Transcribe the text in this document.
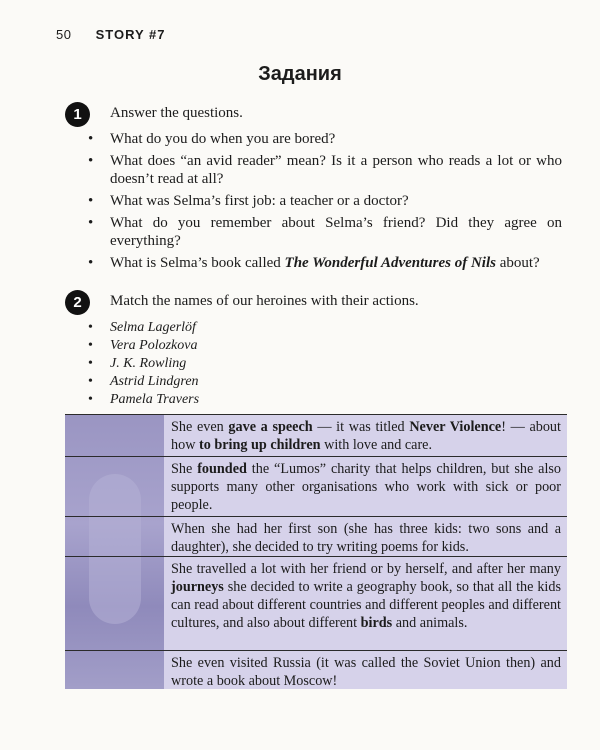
50 STORY #7
Задания
1	Answer the questions.
• What do you do when you are bored?
• What does “an avid reader” mean? Is it a person who reads a lot or who doesn’t read at all?
• What was Selma’s first job: a teacher or a doctor?
• What do you remember about Selma’s friend? Did they agree on everything?
• What is Selma’s book called The Wonderful Adventures of Nils about?
2	Match the names of our heroines with their actions.
• Selma Lagerlöf
• Vera Polozkova
• J. K. Rowling
• Astrid Lindgren
• Pamela Travers
She even gave a speech — it was titled Never Violence! — about how to bring up children with love and care.
She founded the “Lumos” charity that helps children, but she also supports many other organisations who work with sick or poor people.
When she had her first son (she has three kids: two sons and a daughter), she decided to try writing poems for kids.
She travelled a lot with her friend or by herself, and after her many journeys she decided to write a geography book, so that all the kids can read about different countries and different peoples and different cultures, and also about different birds and animals.
She even visited Russia (it was called the Soviet Union then) and wrote a book about Moscow!
